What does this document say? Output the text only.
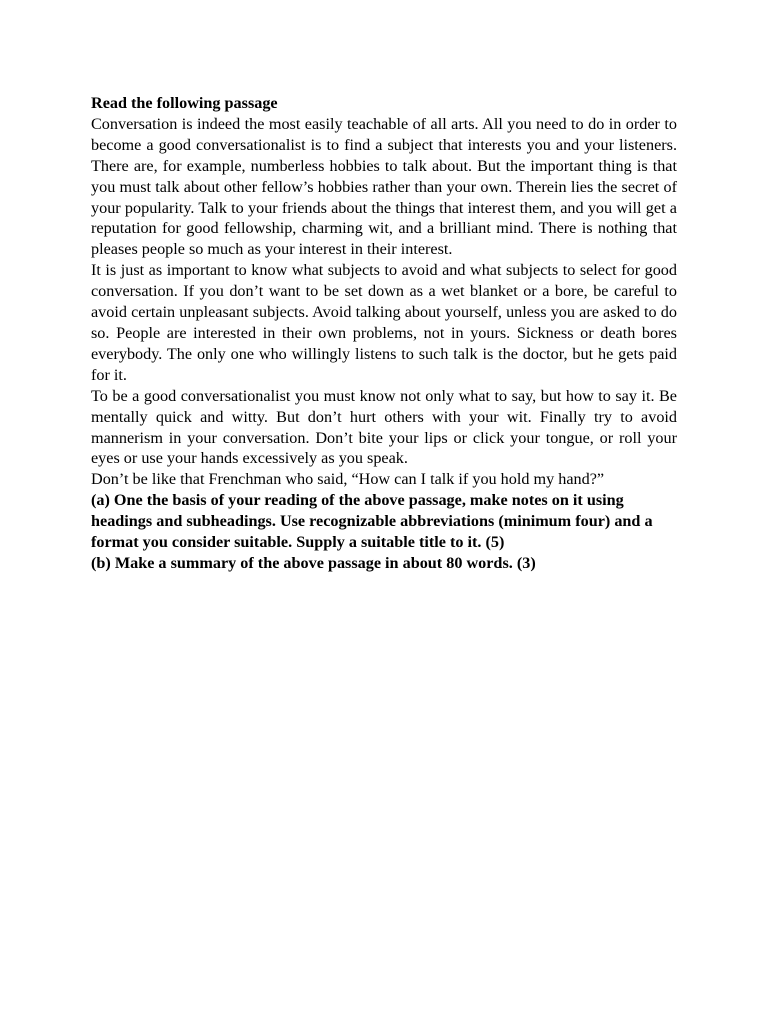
Read the following passage

Conversation is indeed the most easily teachable of all arts. All you need to do in order to become a good conversationalist is to find a subject that interests you and your listeners. There are, for example, numberless hobbies to talk about. But the important thing is that you must talk about other fellow’s hobbies rather than your own. Therein lies the secret of your popularity. Talk to your friends about the things that interest them, and you will get a reputation for good fellowship, charming wit, and a brilliant mind. There is nothing that pleases people so much as your interest in their interest.

It is just as important to know what subjects to avoid and what subjects to select for good conversation. If you don’t want to be set down as a wet blanket or a bore, be careful to avoid certain unpleasant subjects. Avoid talking about yourself, unless you are asked to do so. People are interested in their own problems, not in yours. Sickness or death bores everybody. The only one who willingly listens to such talk is the doctor, but he gets paid for it.

To be a good conversationalist you must know not only what to say, but how to say it. Be mentally quick and witty. But don’t hurt others with your wit. Finally try to avoid mannerism in your conversation. Don’t bite your lips or click your tongue, or roll your eyes or use your hands excessively as you speak.

Don’t be like that Frenchman who said, “How can I talk if you hold my hand?”

(a) One the basis of your reading of the above passage, make notes on it using headings and subheadings. Use recognizable abbreviations (minimum four) and a format you consider suitable. Supply a suitable title to it. (5)

(b) Make a summary of the above passage in about 80 words. (3)
